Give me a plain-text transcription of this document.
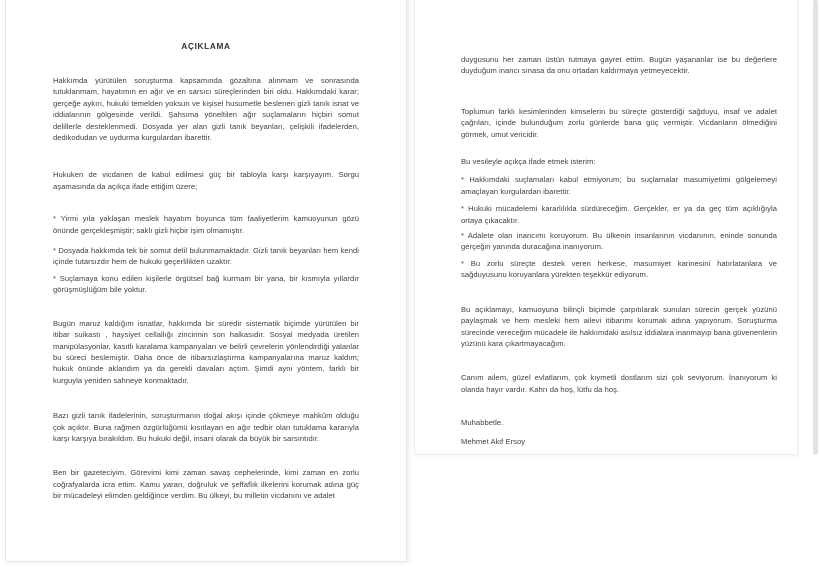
AÇIKLAMA

Hakkımda yürütülen soruşturma kapsamında gözaltına alınmam ve sonrasında tutuklanmam, hayatımın en ağır ve en sarsıcı süreçlerinden biri oldu. Hakkımdaki karar; gerçeğe aykırı, hukuki temelden yoksun ve kişisel husumetle beslenen gizli tanık isnat ve iddialarının gölgesinde verildi. Şahsıma yöneltilen ağır suçlamaların hiçbiri somut delillerle desteklenmedi. Dosyada yer alan gizli tanık beyanları, çelişkili ifadelerden, dedikodudan ve uydurma kurgulardan ibarettir.

Hukuken de vicdanen de kabul edilmesi güç bir tabloyla karşı karşıyayım. Sorgu aşamasında da açıkça ifade ettiğim üzere;

* Yirmi yıla yaklaşan meslek hayatım boyunca tüm faaliyetlerim kamuoyunun gözü önünde gerçekleşmiştir; saklı gizli hiçbir işim olmamıştır.

* Dosyada hakkımda tek bir somut delil bulunmamaktadır. Gizli tanık beyanları hem kendi içinde tutarsızdır hem de hukuki geçerlilikten uzaktır.

* Suçlamaya konu edilen kişilerle örgütsel bağ kurmam bir yana, bir kısmıyla yıllardır görüşmüşlüğüm bile yoktur.

Bugün maruz kaldığım isnatlar, hakkımda bir süredir sistematik biçimde yürütülen bir itibar suikastı , haysiyet cellallığı zincirinin son halkasıdır. Sosyal medyada üretilen manipülasyonlar, kasıtlı karalama kampanyaları ve belirli çevrelerin yönlendirdiği yalanlar bu süreci beslemiştir. Daha önce de itibarsızlaştırma kampanyalarına maruz kaldım; hukuk önünde aklandım ya da gerekli davaları açtım. Şimdi aynı yöntem, farklı bir kurguyla yeniden sahneye konmaktadır.

Bazı gizli tanık ifadelerinin, soruşturmanın doğal akışı içinde çökmeye mahkûm olduğu çok açıktır. Buna rağmen özgürlüğümü kısıtlayan en ağır tedbir olan tutuklama kararıyla karşı karşıya bırakıldım. Bu hukuki değil, insani olarak da büyük bir sarsıntıdır.

Ben bir gazeteciyim. Görevimi kimi zaman savaş cephelerinde, kimi zaman en zorlu coğrafyalarda icra ettim. Kamu yararı, doğruluk ve şeffaflık ilkelerini korumak adına güç bir mücadeleyi elimden geldiğince verdim. Bu ülkeyi, bu milletin vicdanını ve adalet

duygusunu her zaman üstün tutmaya gayret ettim. Bugün yaşananlar ise bu değerlere duyduğum inancı sınasa da onu ortadan kaldırmaya yetmeyecektir.

Toplumun farklı kesimlerinden kimselerin bu süreçte gösterdiği sağduyu, insaf ve adalet çağrıları, içinde bulunduğum zorlu günlerde bana güç vermiştir. Vicdanların ölmediğini görmek, umut vericidir.

Bu vesileyle açıkça ifade etmek isterim:

* Hakkımdaki suçlamaları kabul etmiyorum; bu suçlamalar masumiyetimi gölgelemeyi amaçlayan kurgulardan ibarettir.

* Hukuki mücadelemi kararlılıkla sürdüreceğim. Gerçekler, er ya da geç tüm açıklığıyla ortaya çıkacaktır.

* Adalete olan inancımı koruyorum. Bu ülkenin insanlarının vicdanının, eninde sonunda gerçeğin yanında duracağına inanıyorum.

* Bu zorlu süreçte destek veren herkese, masumiyet karinesini hatırlatanlara ve sağduyusunu koruyanlara yürekten teşekkür ediyorum.

Bu açıklamayı, kamuoyuna bilinçli biçimde çarpıtılarak sunulan sürecin gerçek yüzünü paylaşmak ve hem mesleki hem ailevi itibarımı korumak adına yapıyorum. Soruşturma sürecinde vereceğim mücadele ile hakkımdaki asılsız iddialara inanmayıp bana güvenenlerin yüzünü kara çıkartmayacağım.

Canım ailem, güzel evlatlarım, çok kıymetli dostlarım sizi çok seviyorum. İnanıyorum ki olanda hayır vardır. Kahrı da hoş, lütfu da hoş.

Muhabbetle.

Mehmet Akif Ersoy
